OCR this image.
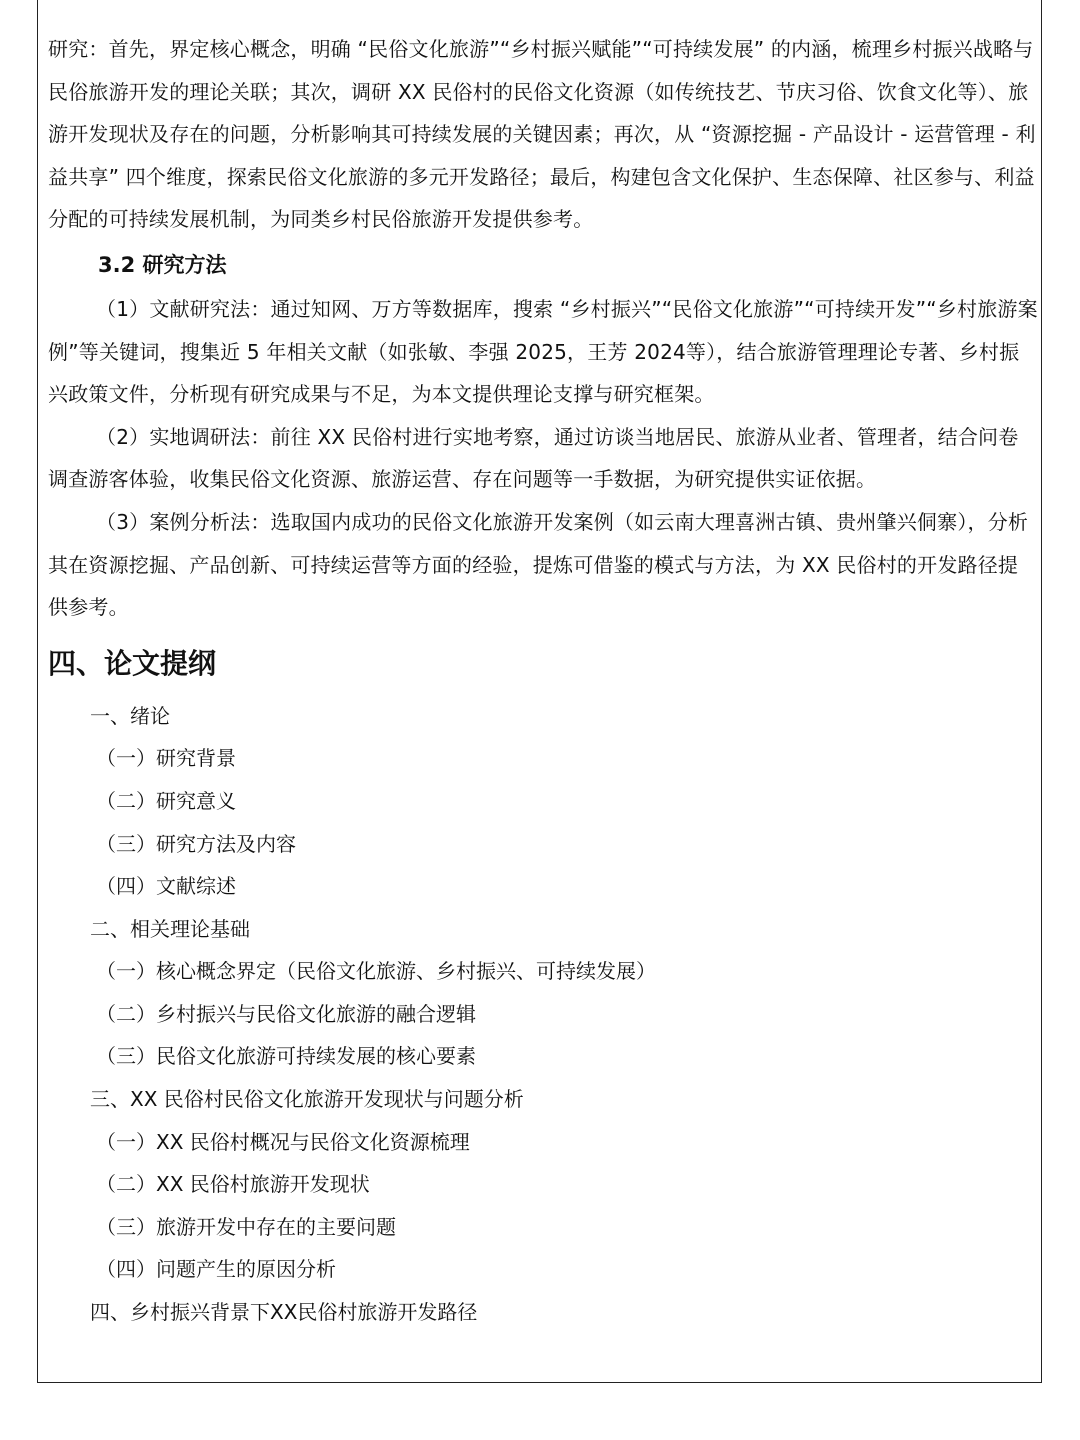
研究：首先，界定核心概念，明确 “民俗文化旅游”“乡村振兴赋能”“可持续发展” 的内涵，梳理乡村振兴战略与民俗旅游开发的理论关联；其次，调研 XX 民俗村的民俗文化资源（如传统技艺、节庆习俗、饮食文化等）、旅游开发现状及存在的问题，分析影响其可持续发展的关键因素；再次，从 “资源挖掘 - 产品设计 - 运营管理 - 利益共享” 四个维度，探索民俗文化旅游的多元开发路径；最后，构建包含文化保护、生态保障、社区参与、利益分配的可持续发展机制，为同类乡村民俗旅游开发提供参考。

3.2 研究方法

（1）文献研究法：通过知网、万方等数据库，搜索 “乡村振兴”“民俗文化旅游”“可持续开发”“乡村旅游案例”等关键词，搜集近 5 年相关文献（如张敏、李强 2025，王芳 2024等），结合旅游管理理论专著、乡村振兴政策文件，分析现有研究成果与不足，为本文提供理论支撑与研究框架。

（2）实地调研法：前往 XX 民俗村进行实地考察，通过访谈当地居民、旅游从业者、管理者，结合问卷调查游客体验，收集民俗文化资源、旅游运营、存在问题等一手数据，为研究提供实证依据。

（3）案例分析法：选取国内成功的民俗文化旅游开发案例（如云南大理喜洲古镇、贵州肇兴侗寨），分析其在资源挖掘、产品创新、可持续运营等方面的经验，提炼可借鉴的模式与方法，为 XX 民俗村的开发路径提供参考。

四、论文提纲
一、绪论
（一）研究背景
（二）研究意义
（三）研究方法及内容
（四）文献综述
二、相关理论基础
（一）核心概念界定（民俗文化旅游、乡村振兴、可持续发展）
（二）乡村振兴与民俗文化旅游的融合逻辑
（三）民俗文化旅游可持续发展的核心要素
三、XX 民俗村民俗文化旅游开发现状与问题分析
（一）XX 民俗村概况与民俗文化资源梳理
（二）XX 民俗村旅游开发现状
（三）旅游开发中存在的主要问题
（四）问题产生的原因分析
四、乡村振兴背景下XX民俗村旅游开发路径
